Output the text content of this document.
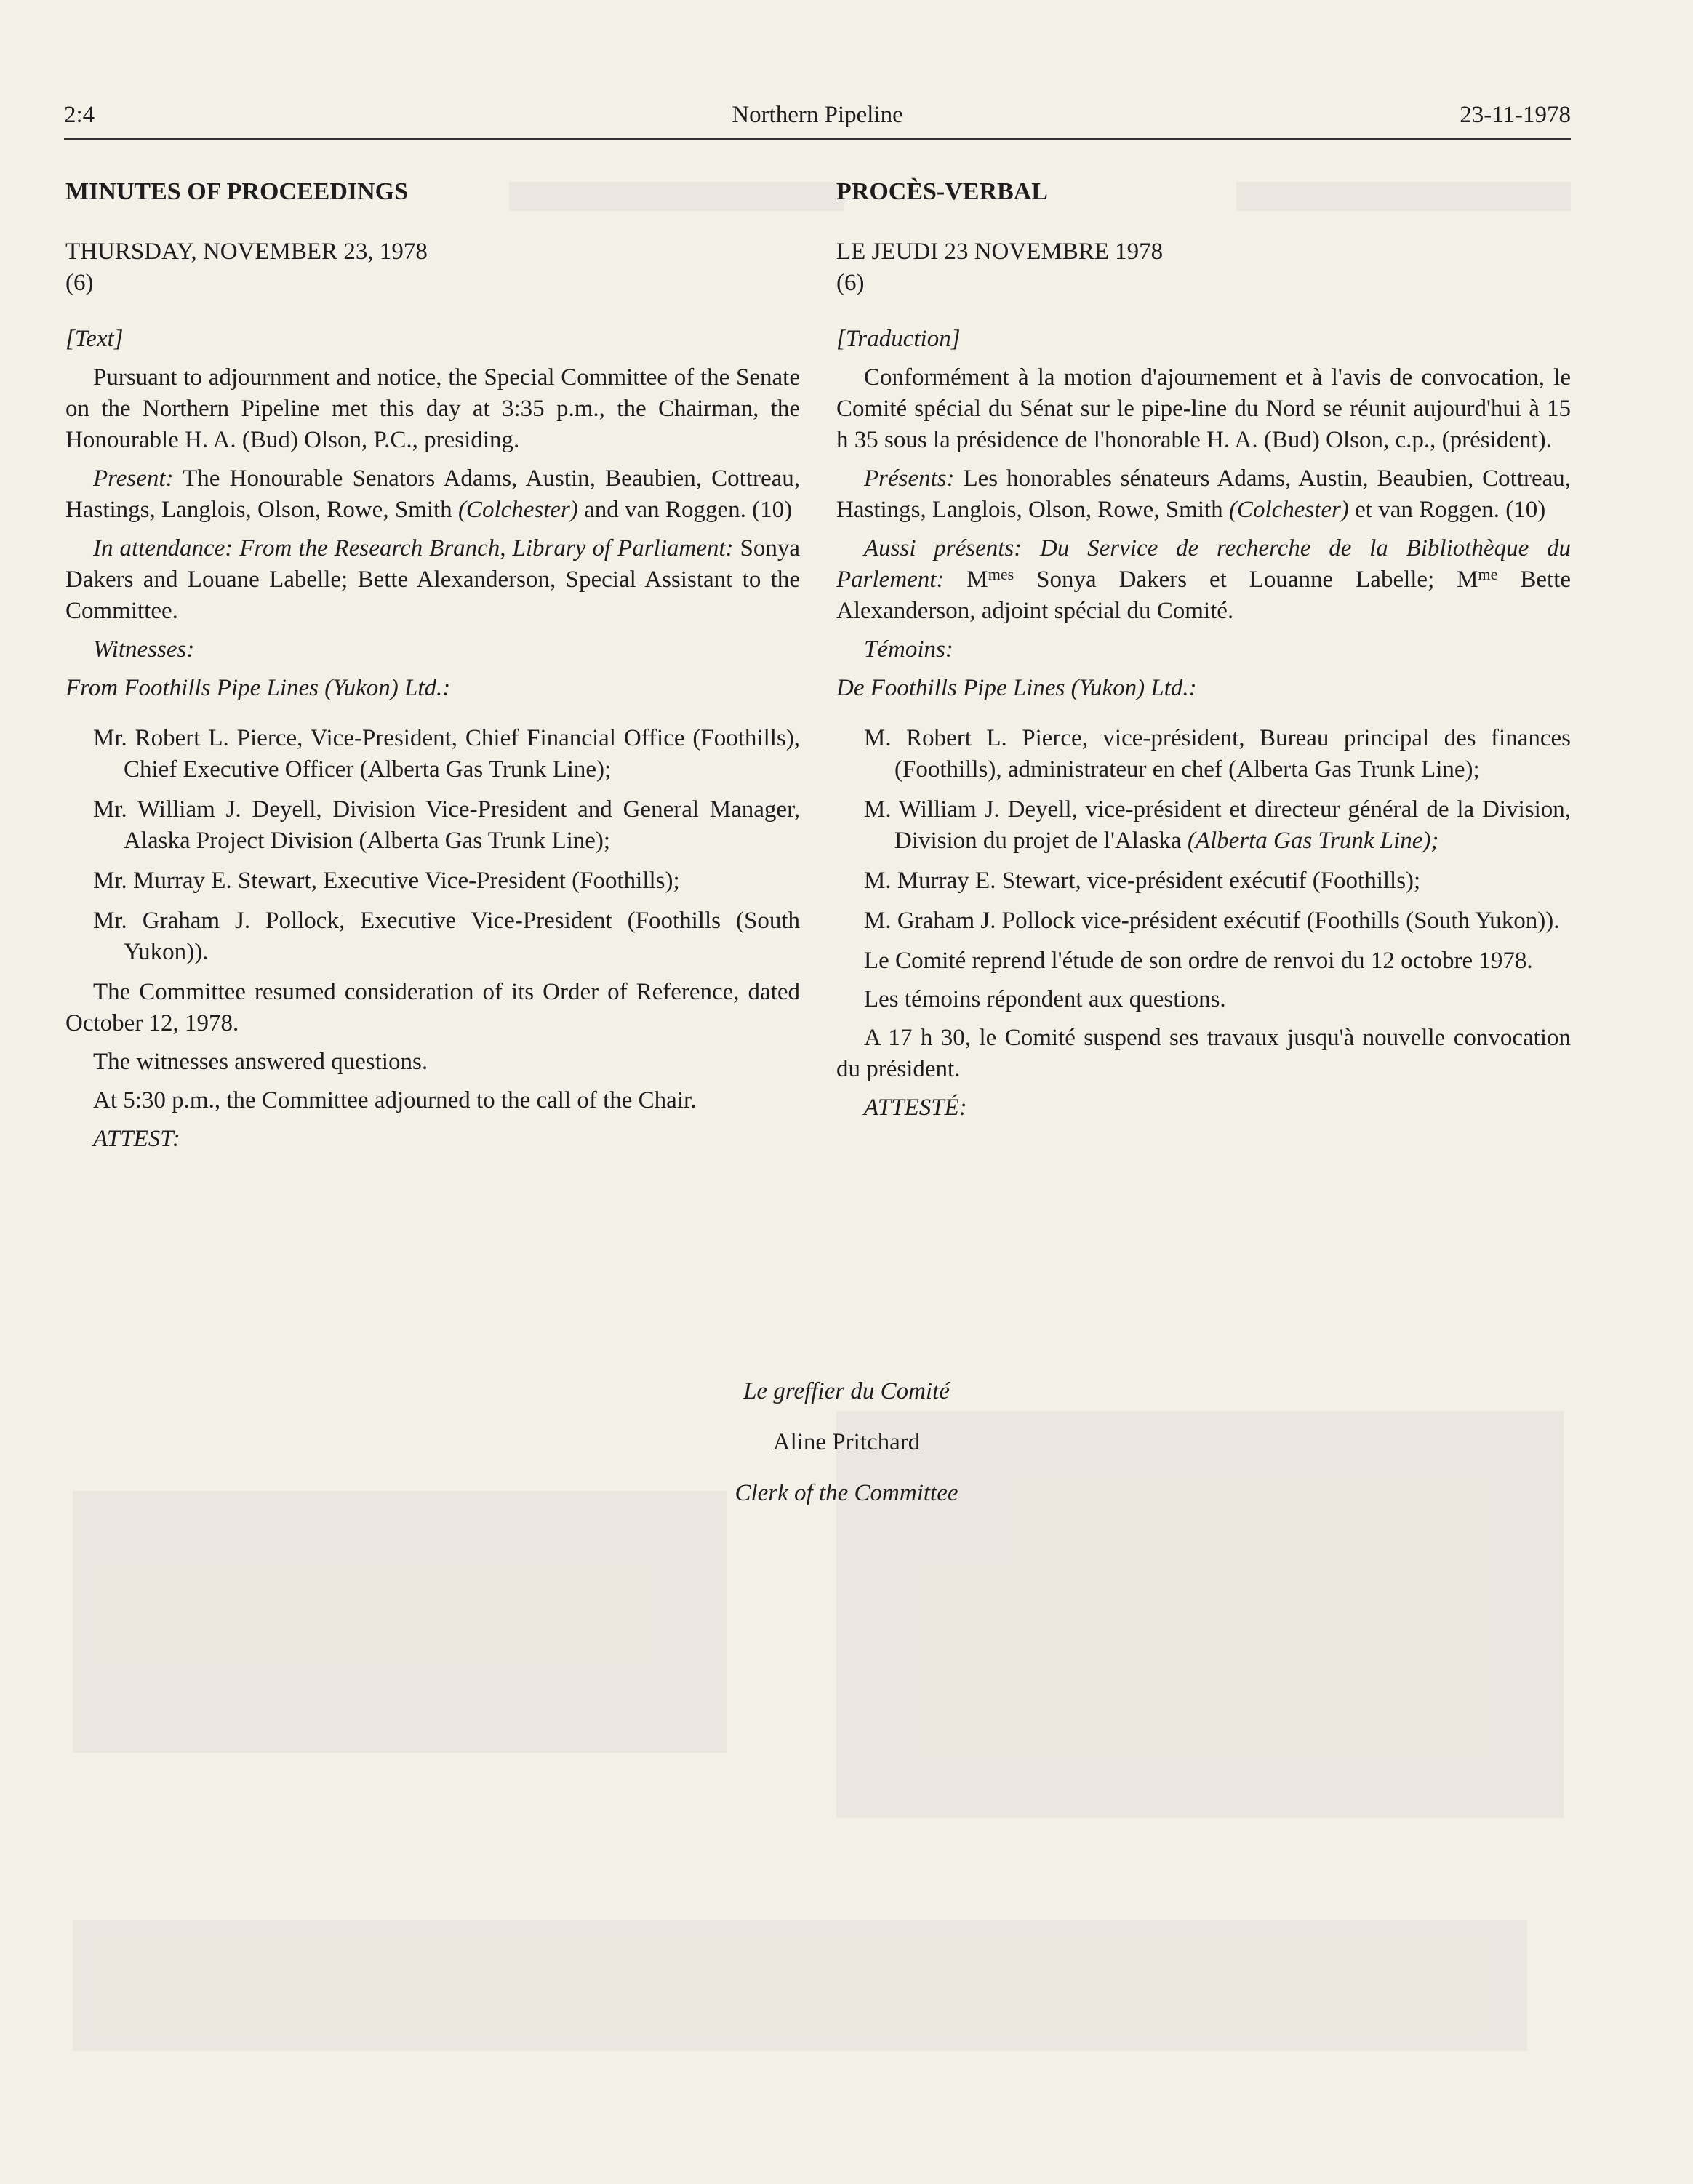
2:4	Northern Pipeline	23-11-1978

MINUTES OF PROCEEDINGS

THURSDAY, NOVEMBER 23, 1978

(6)

[Text]

Pursuant to adjournment and notice, the Special Committee of the Senate on the Northern Pipeline met this day at 3:35 p.m., the Chairman, the Honourable H. A. (Bud) Olson, P.C., presiding.

Present: The Honourable Senators Adams, Austin, Beaubien, Cottreau, Hastings, Langlois, Olson, Rowe, Smith (Colchester) and van Roggen. (10)

In attendance: From the Research Branch, Library of Parliament: Sonya Dakers and Louane Labelle; Bette Alexanderson, Special Assistant to the Committee.

Witnesses:

From Foothills Pipe Lines (Yukon) Ltd.:

Mr. Robert L. Pierce, Vice-President, Chief Financial Office (Foothills), Chief Executive Officer (Alberta Gas Trunk Line);

Mr. William J. Deyell, Division Vice-President and General Manager, Alaska Project Division (Alberta Gas Trunk Line);

Mr. Murray E. Stewart, Executive Vice-President (Foothills);

Mr. Graham J. Pollock, Executive Vice-President (Foothills (South Yukon)).

The Committee resumed consideration of its Order of Reference, dated October 12, 1978.

The witnesses answered questions.

At 5:30 p.m., the Committee adjourned to the call of the Chair.

ATTEST:

PROCÈS-VERBAL

LE JEUDI 23 NOVEMBRE 1978

(6)

[Traduction]

Conformément à la motion d'ajournement et à l'avis de convocation, le Comité spécial du Sénat sur le pipe-line du Nord se réunit aujourd'hui à 15 h 35 sous la présidence de l'honorable H. A. (Bud) Olson, c.p., (président).

Présents: Les honorables sénateurs Adams, Austin, Beaubien, Cottreau, Hastings, Langlois, Olson, Rowe, Smith (Colchester) et van Roggen. (10)

Aussi présents: Du Service de recherche de la Bibliothèque du Parlement: $M^{mes}$ Sonya Dakers et Louanne Labelle; $M^{me}$ Bette Alexanderson, adjoint spécial du Comité.

Témoins:

De Foothills Pipe Lines (Yukon) Ltd.:

M. Robert L. Pierce, vice-président, Bureau principal des finances (Foothills), administrateur en chef (Alberta Gas Trunk Line);

M. William J. Deyell, vice-président et directeur général de la Division, Division du projet de l'Alaska (Alberta Gas Trunk Line);

M. Murray E. Stewart, vice-président exécutif (Foothills);

M. Graham J. Pollock vice-président exécutif (Foothills (South Yukon)).

Le Comité reprend l'étude de son ordre de renvoi du 12 octobre 1978.

Les témoins répondent aux questions.

A 17 h 30, le Comité suspend ses travaux jusqu'à nouvelle convocation du président.

ATTESTÉ:

Le greffier du Comité

Aline Pritchard

Clerk of the Committee
